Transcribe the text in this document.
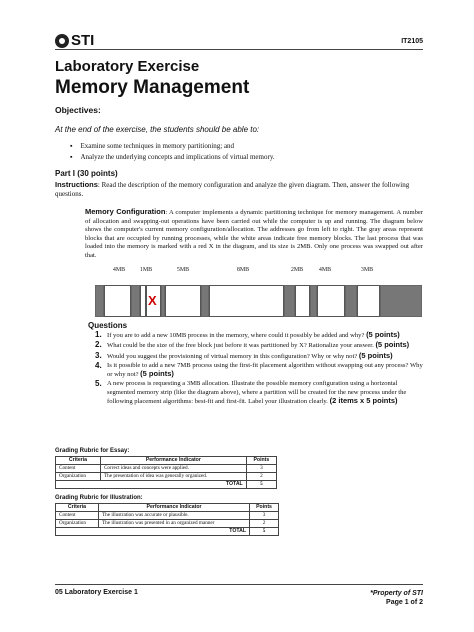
STI	IT2105
Laboratory Exercise
Memory Management
Objectives:
At the end of the exercise, the students should be able to:
▪ Examine some techniques in memory partitioning; and
▪ Analyze the underlying concepts and implications of virtual memory.
Part I (30 points)
Instructions: Read the description of the memory configuration and analyze the given diagram. Then, answer the following questions.
Memory Configuration: A computer implements a dynamic partitioning technique for memory management. A number of allocation and swapping-out operations have been carried out while the computer is up and running. The diagram below shows the computer's current memory configuration/allocation. The addresses go from left to right. The gray areas represent blocks that are occupied by running processes, while the white areas indicate free memory blocks. The last process that was loaded into the memory is marked with a red X in the diagram, and its size is 2MB. Only one process was swapped out after that.
4MB	1MB	5MB	8MB	2MB	4MB	3MB
X
Questions
1. If you are to add a new 10MB process in the memory, where could it possibly be added and why? (5 points)
2. What could be the size of the free block just before it was partitioned by X? Rationalize your answer. (5 points)
3. Would you suggest the provisioning of virtual memory in this configuration? Why or why not? (5 points)
4. Is it possible to add a new 7MB process using the first-fit placement algorithm without swapping out any process? Why or why not? (5 points)
5. A new process is requesting a 3MB allocation. Illustrate the possible memory configuration using a horizontal segmented memory strip (like the diagram above), where a partition will be created for the new process under the following placement algorithms: best-fit and first-fit. Label your illustration clearly. (2 items x 5 points)
Grading Rubric for Essay:
Criteria	Performance Indicator	Points
Content	Correct ideas and concepts were applied.	3
Organization	The presentation of idea was generally organized.	2
TOTAL		5
Grading Rubric for Illustration:
Criteria	Performance Indicator	Points
Content	The illustration was accurate or plausible.	3
Organization	The illustration was presented in an organized manner	2
TOTAL		5
05 Laboratory Exercise 1	*Property of STI
Page 1 of 2
